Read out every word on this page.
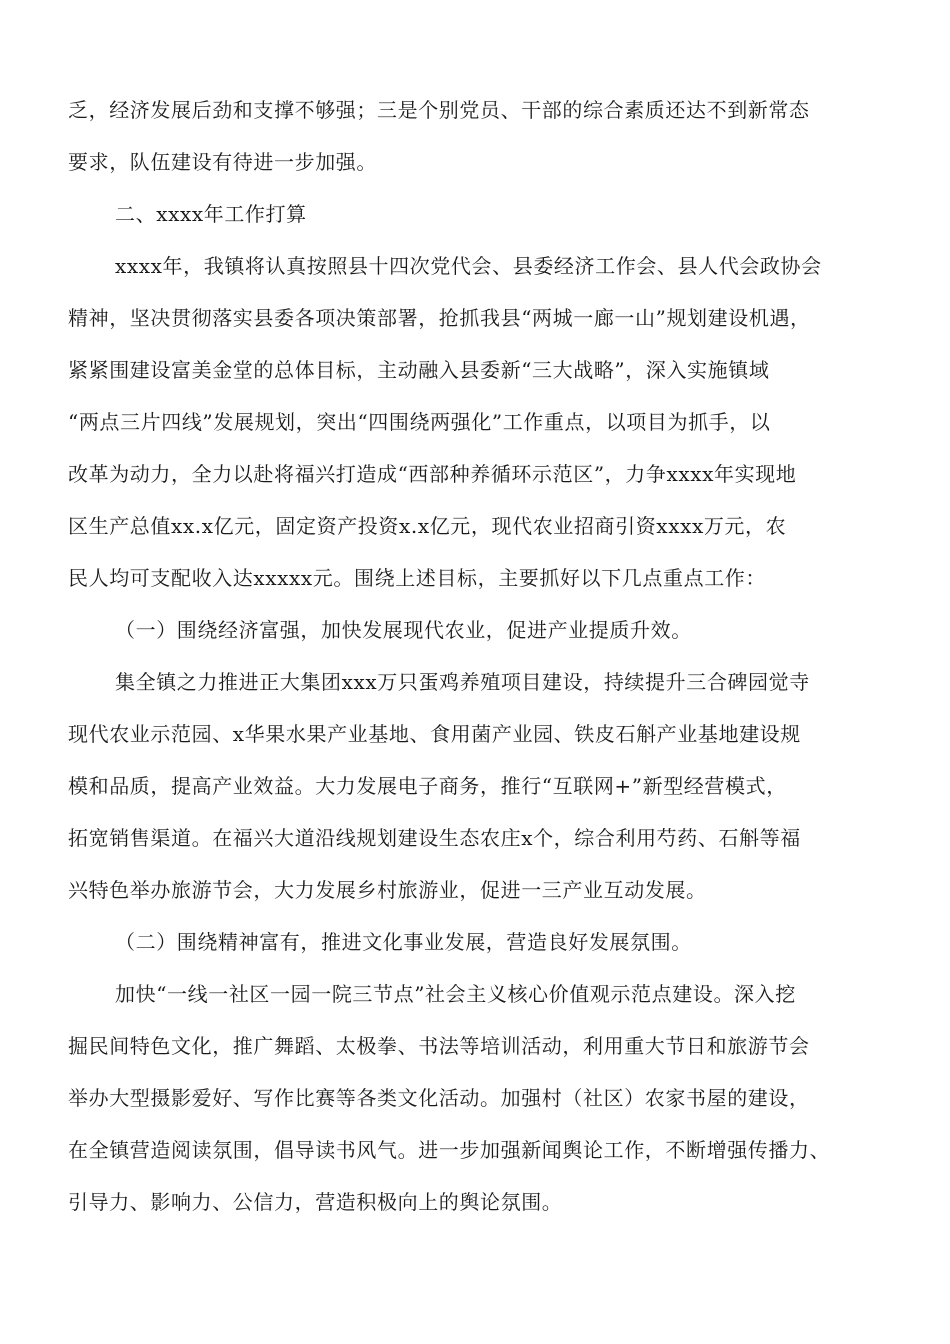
乏，经济发展后劲和支撑不够强；三是个别党员、干部的综合素质还达不到新常态
要求，队伍建设有待进一步加强。
二、xxxx年工作打算
xxxx年，我镇将认真按照县十四次党代会、县委经济工作会、县人代会政协会
精神，坚决贯彻落实县委各项决策部署，抢抓我县“两城一廊一山”规划建设机遇，
紧紧围建设富美金堂的总体目标，主动融入县委新“三大战略”，深入实施镇域
“两点三片四线”发展规划，突出“四围绕两强化”工作重点，以项目为抓手，以
改革为动力，全力以赴将福兴打造成“西部种养循环示范区”，力争xxxx年实现地
区生产总值xx.x亿元，固定资产投资x.x亿元，现代农业招商引资xxxx万元，农
民人均可支配收入达xxxxx元。围绕上述目标，主要抓好以下几点重点工作：
（一）围绕经济富强，加快发展现代农业，促进产业提质升效。
集全镇之力推进正大集团xxx万只蛋鸡养殖项目建设，持续提升三合碑园觉寺
现代农业示范园、x华果水果产业基地、食用菌产业园、铁皮石斛产业基地建设规
模和品质，提高产业效益。大力发展电子商务，推行“互联网+”新型经营模式，
拓宽销售渠道。在福兴大道沿线规划建设生态农庄x个，综合利用芍药、石斛等福
兴特色举办旅游节会，大力发展乡村旅游业，促进一三产业互动发展。
（二）围绕精神富有，推进文化事业发展，营造良好发展氛围。
加快“一线一社区一园一院三节点”社会主义核心价值观示范点建设。深入挖
掘民间特色文化，推广舞蹈、太极拳、书法等培训活动，利用重大节日和旅游节会
举办大型摄影爱好、写作比赛等各类文化活动。加强村（社区）农家书屋的建设，
在全镇营造阅读氛围，倡导读书风气。进一步加强新闻舆论工作，不断增强传播力、
引导力、影响力、公信力，营造积极向上的舆论氛围。
